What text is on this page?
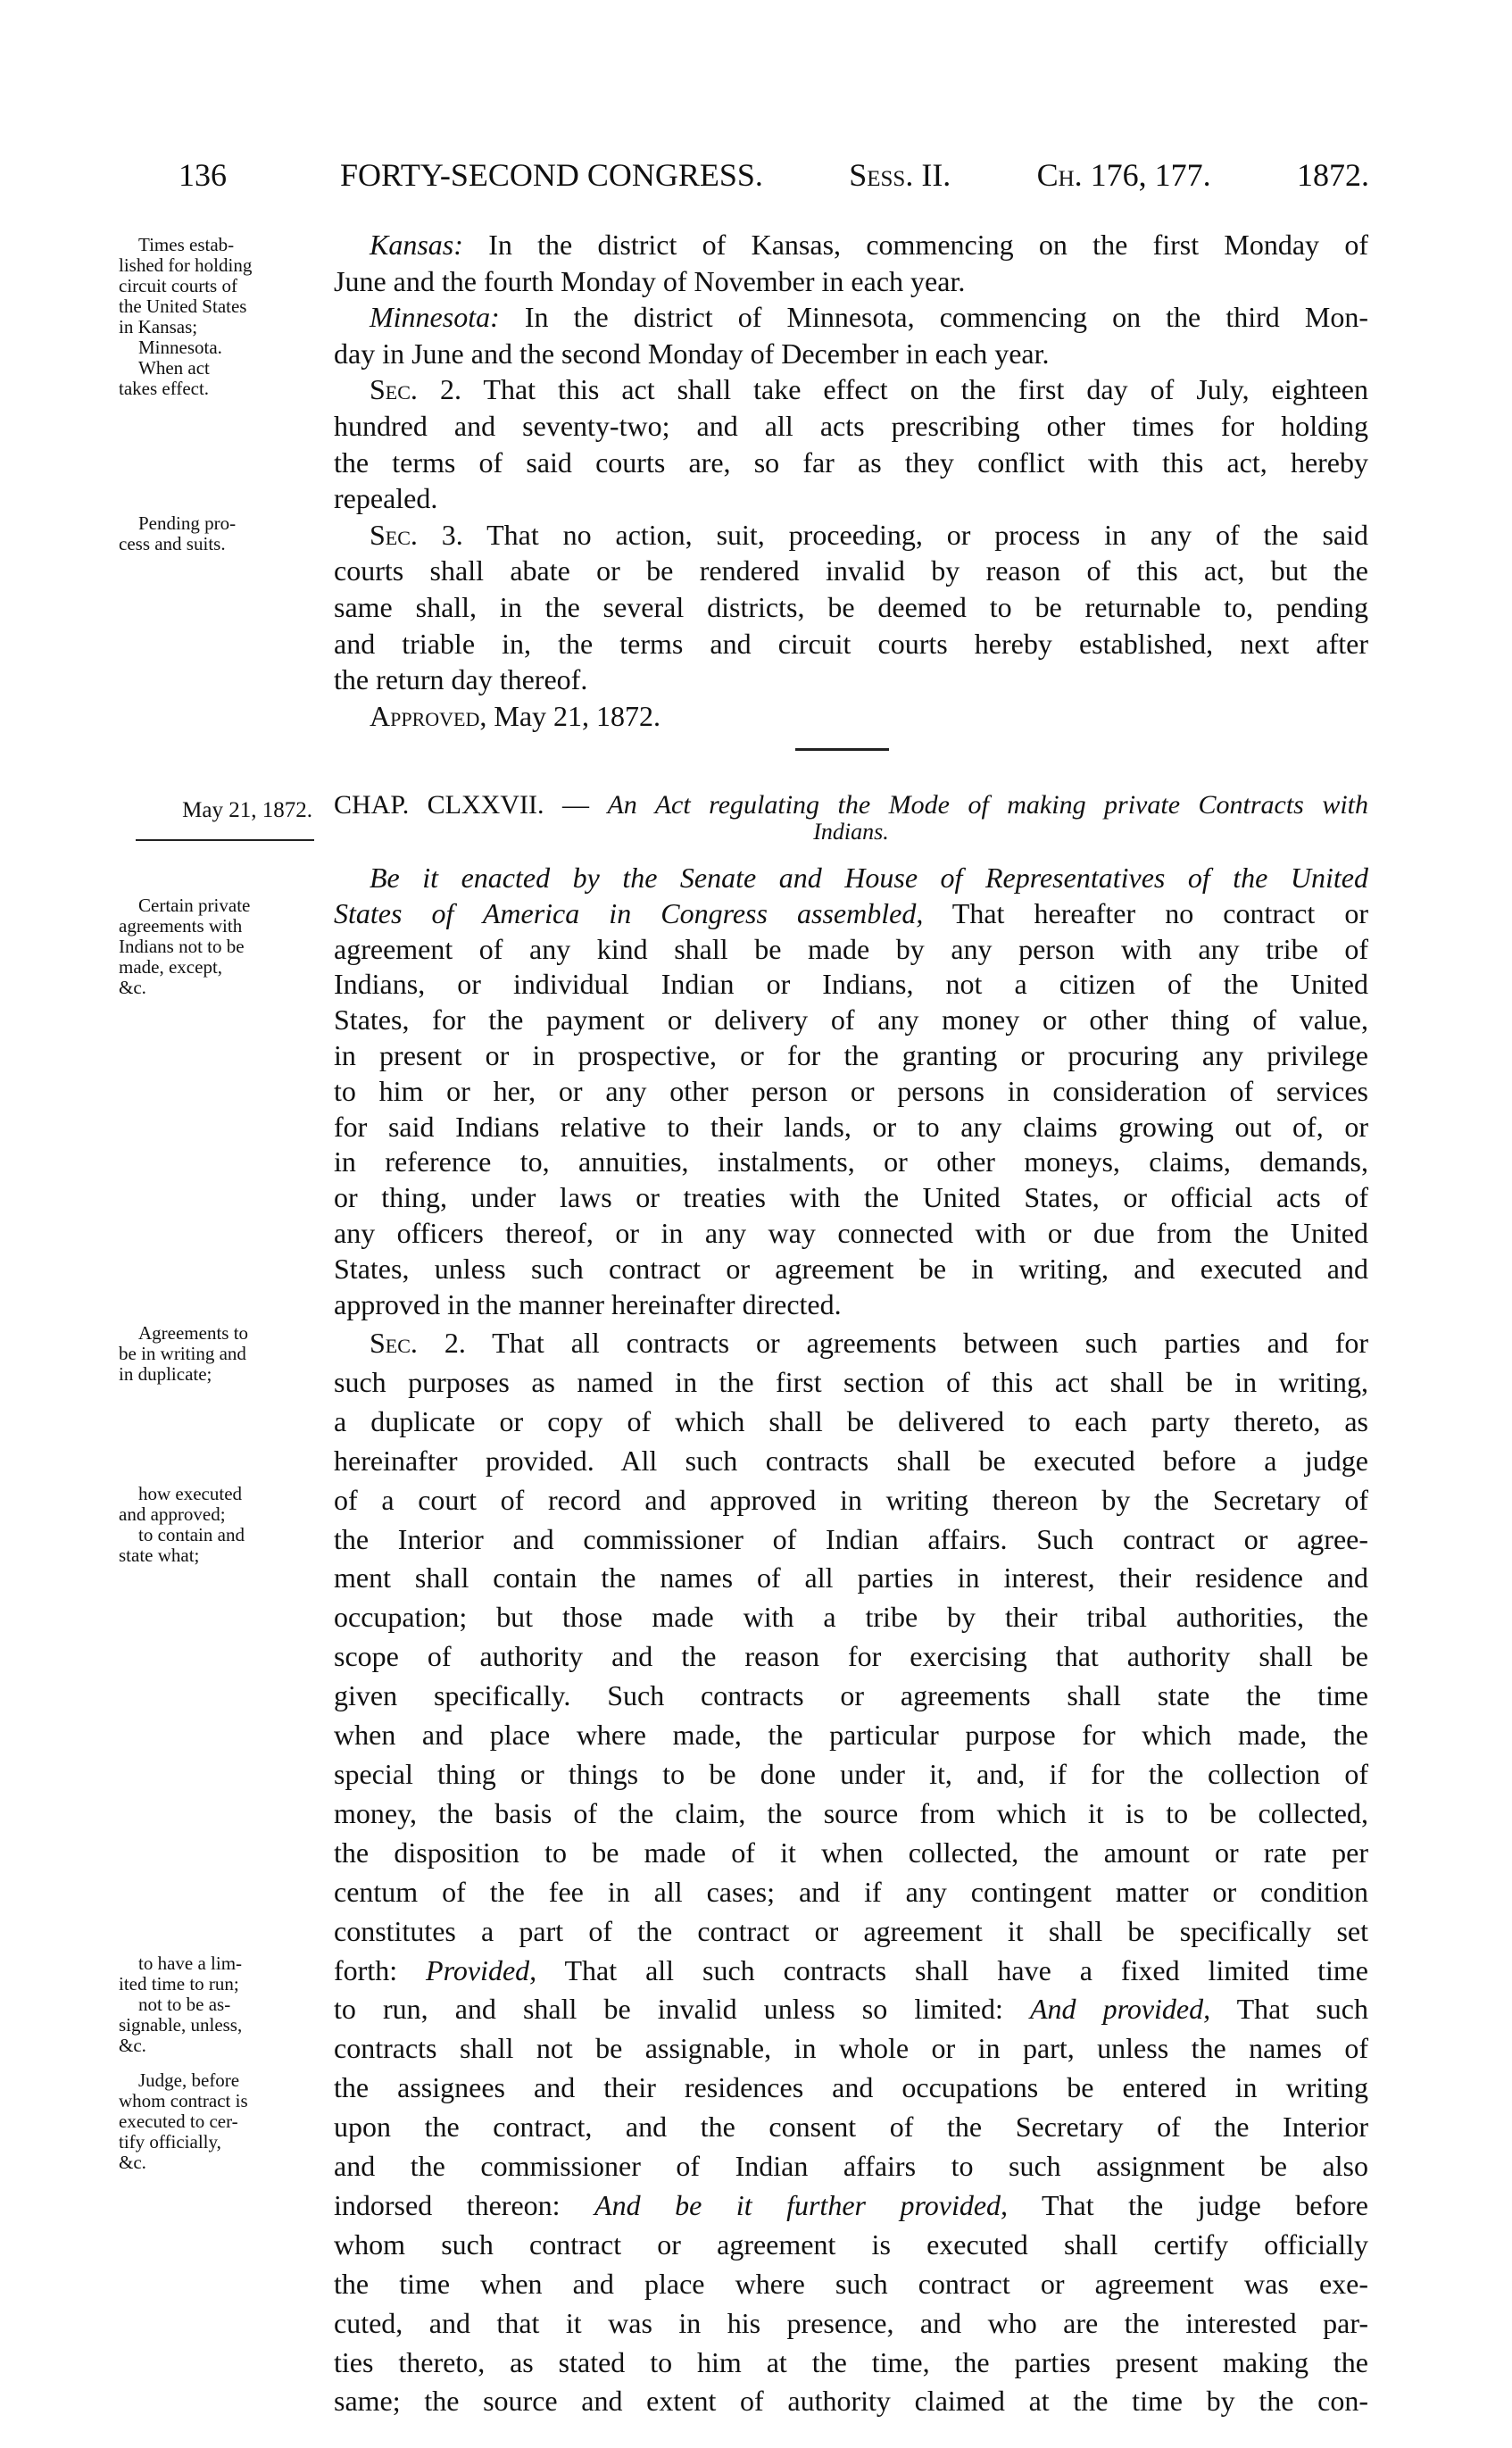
136	FORTY-SECOND CONGRESS.	Sess. II.	Ch. 176, 177.	1872.
Kansas: In the district of Kansas, commencing on the first Monday of
June and the fourth Monday of November in each year.
Minnesota: In the district of Minnesota, commencing on the third Mon-
day in June and the second Monday of December in each year.
Sec. 2. That this act shall take effect on the first day of July, eighteen
hundred and seventy-two; and all acts prescribing other times for holding
the terms of said courts are, so far as they conflict with this act, hereby
repealed.
Sec. 3. That no action, suit, proceeding, or process in any of the said
courts shall abate or be rendered invalid by reason of this act, but the
same shall, in the several districts, be deemed to be returnable to, pending
and triable in, the terms and circuit courts hereby established, next after
the return day thereof.
Approved, May 21, 1872.
May 21, 1872. CHAP. CLXXVII. — An Act regulating the Mode of making private Contracts with
Indians.
Be it enacted by the Senate and House of Representatives of the United
States of America in Congress assembled, That hereafter no contract or
agreement of any kind shall be made by any person with any tribe of
Indians, or individual Indian or Indians, not a citizen of the United
States, for the payment or delivery of any money or other thing of value,
in present or in prospective, or for the granting or procuring any privilege
to him or her, or any other person or persons in consideration of services
for said Indians relative to their lands, or to any claims growing out of, or
in reference to, annuities, instalments, or other moneys, claims, demands,
or thing, under laws or treaties with the United States, or official acts of
any officers thereof, or in any way connected with or due from the United
States, unless such contract or agreement be in writing, and executed and
approved in the manner hereinafter directed.
Sec. 2. That all contracts or agreements between such parties and for
such purposes as named in the first section of this act shall be in writing,
a duplicate or copy of which shall be delivered to each party thereto, as
hereinafter provided. All such contracts shall be executed before a judge
of a court of record and approved in writing thereon by the Secretary of
the Interior and commissioner of Indian affairs. Such contract or agree-
ment shall contain the names of all parties in interest, their residence and
occupation; but those made with a tribe by their tribal authorities, the
scope of authority and the reason for exercising that authority shall be
given specifically. Such contracts or agreements shall state the time
when and place where made, the particular purpose for which made, the
special thing or things to be done under it, and, if for the collection of
money, the basis of the claim, the source from which it is to be collected,
the disposition to be made of it when collected, the amount or rate per
centum of the fee in all cases; and if any contingent matter or condition
constitutes a part of the contract or agreement it shall be specifically set
forth: Provided, That all such contracts shall have a fixed limited time
to run, and shall be invalid unless so limited: And provided, That such
contracts shall not be assignable, in whole or in part, unless the names of
the assignees and their residences and occupations be entered in writing
upon the contract, and the consent of the Secretary of the Interior
and the commissioner of Indian affairs to such assignment be also
indorsed thereon: And be it further provided, That the judge before
whom such contract or agreement is executed shall certify officially
the time when and place where such contract or agreement was exe-
cuted, and that it was in his presence, and who are the interested par-
ties thereto, as stated to him at the time, the parties present making the
same; the source and extent of authority claimed at the time by the con-
Times estab-
lished for holding
circuit courts of
the United States
in Kansas;
Minnesota.
When act
takes effect.
Pending pro-
cess and suits.
Certain private
agreements with
Indians not to be
made, except,
&c.
Agreements to
be in writing and
in duplicate;
how executed
and approved;
to contain and
state what;
to have a lim-
ited time to run;
not to be as-
signable, unless,
&c.
Judge, before
whom contract is
executed to cer-
tify officially,
&c.
